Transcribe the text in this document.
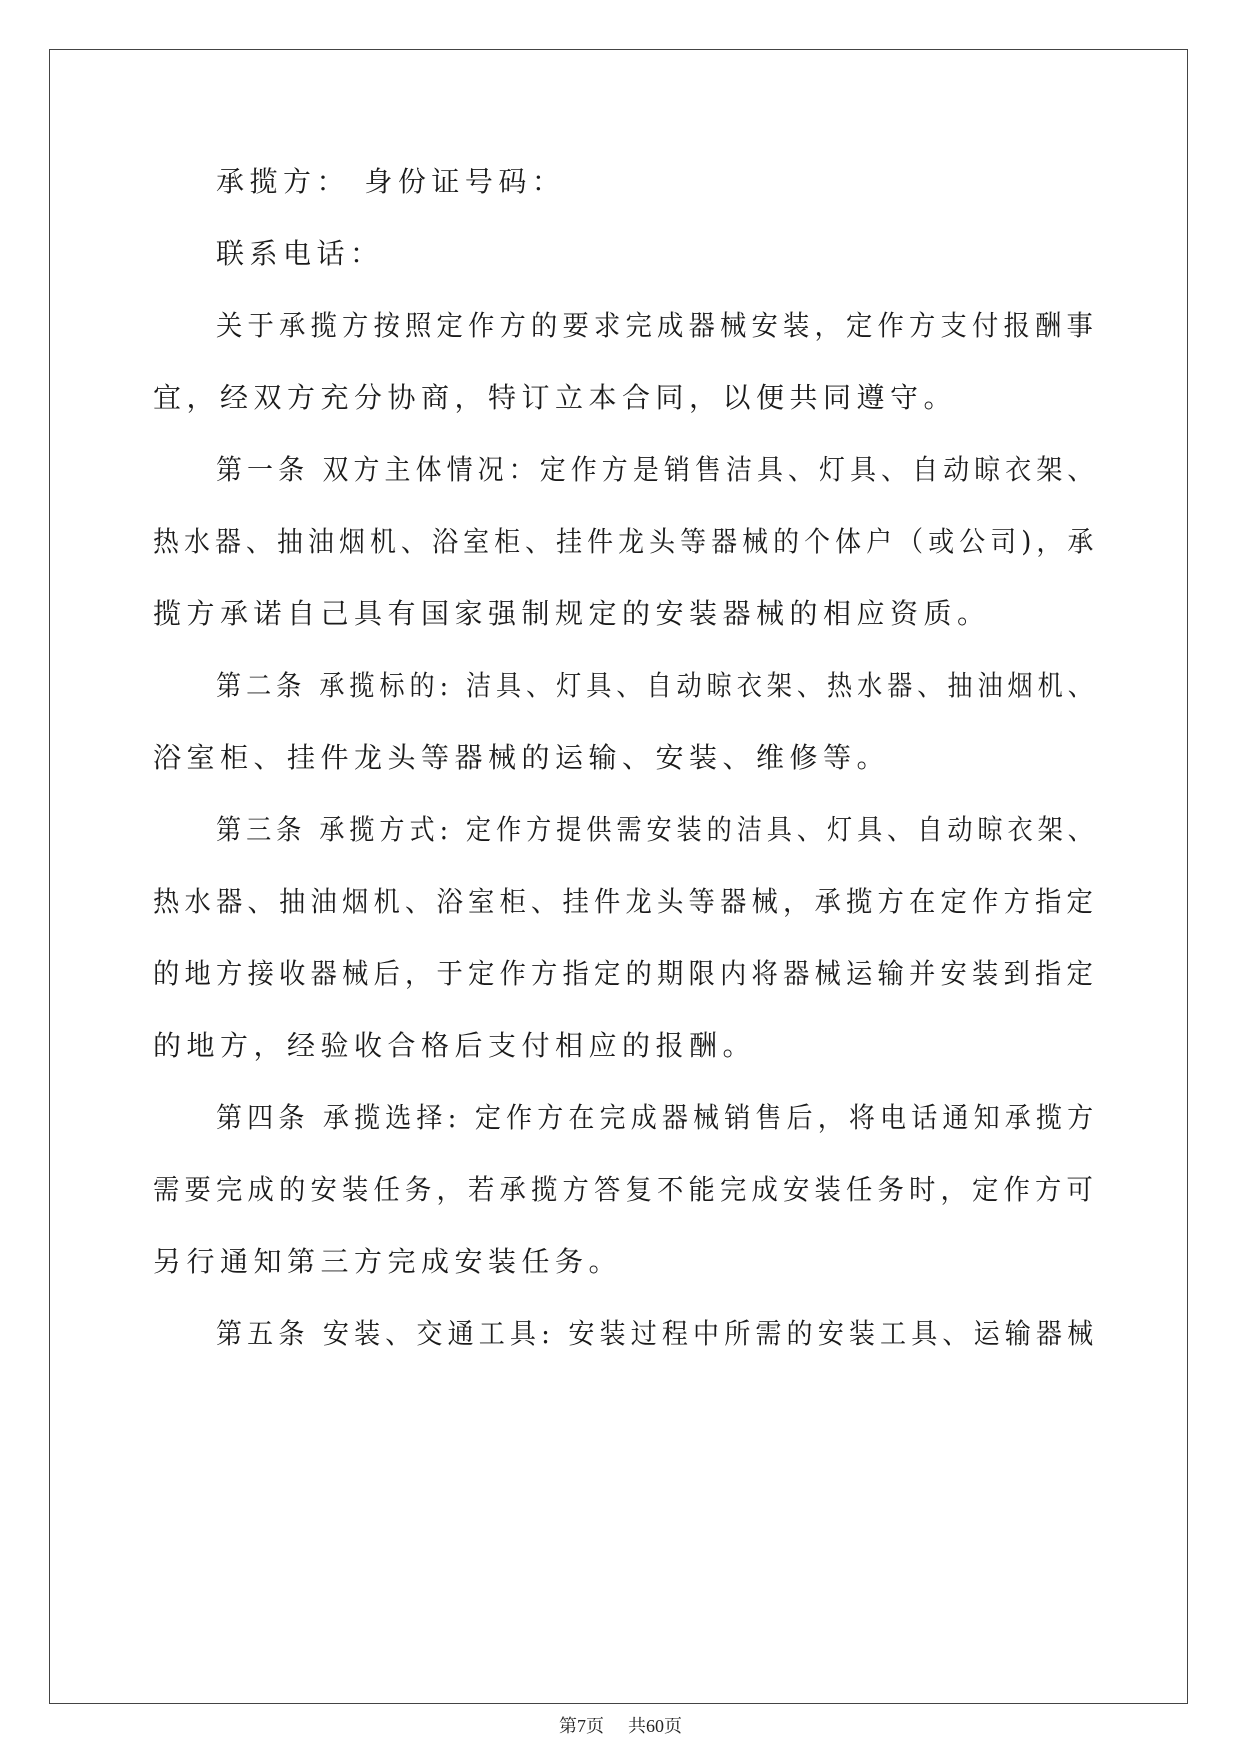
承揽方： 身份证号码：

联系电话：

关于承揽方按照定作方的要求完成器械安装，定作方支付报酬事

宜，经双方充分协商，特订立本合同，以便共同遵守。

第一条 双方主体情况：定作方是销售洁具、灯具、自动晾衣架、

热水器、抽油烟机、浴室柜、挂件龙头等器械的个体户（或公司)，承

揽方承诺自己具有国家强制规定的安装器械的相应资质。

第二条 承揽标的: 洁具、灯具、自动晾衣架、热水器、抽油烟机、

浴室柜、挂件龙头等器械的运输、安装、维修等。

第三条 承揽方式: 定作方提供需安装的洁具、灯具、自动晾衣架、

热水器、抽油烟机、浴室柜、挂件龙头等器械，承揽方在定作方指定

的地方接收器械后，于定作方指定的期限内将器械运输并安装到指定

的地方，经验收合格后支付相应的报酬。

第四条 承揽选择: 定作方在完成器械销售后，将电话通知承揽方

需要完成的安装任务，若承揽方答复不能完成安装任务时，定作方可

另行通知第三方完成安装任务。

第五条 安装、交通工具: 安装过程中所需的安装工具、运输器械

第7页 共60页
